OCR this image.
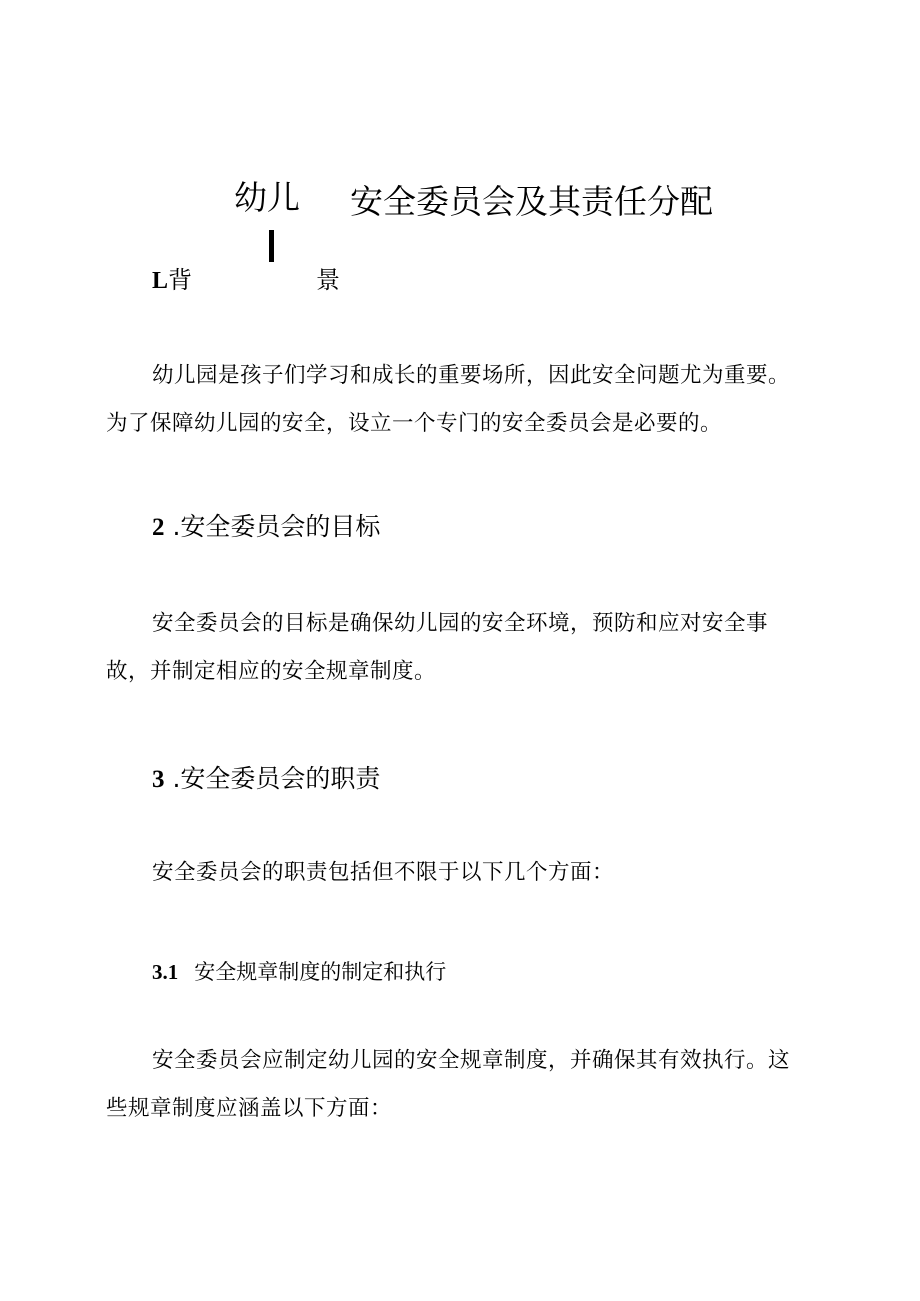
幼儿 安全委员会及其责任分配
L背	景
幼儿园是孩子们学习和成长的重要场所，因此安全问题尤为重要。为了保障幼儿园的安全，设立一个专门的安全委员会是必要的。
2 .安全委员会的目标
安全委员会的目标是确保幼儿园的安全环境，预防和应对安全事故，并制定相应的安全规章制度。
3 .安全委员会的职责
安全委员会的职责包括但不限于以下几个方面：
3.1 安全规章制度的制定和执行
安全委员会应制定幼儿园的安全规章制度，并确保其有效执行。这些规章制度应涵盖以下方面：
